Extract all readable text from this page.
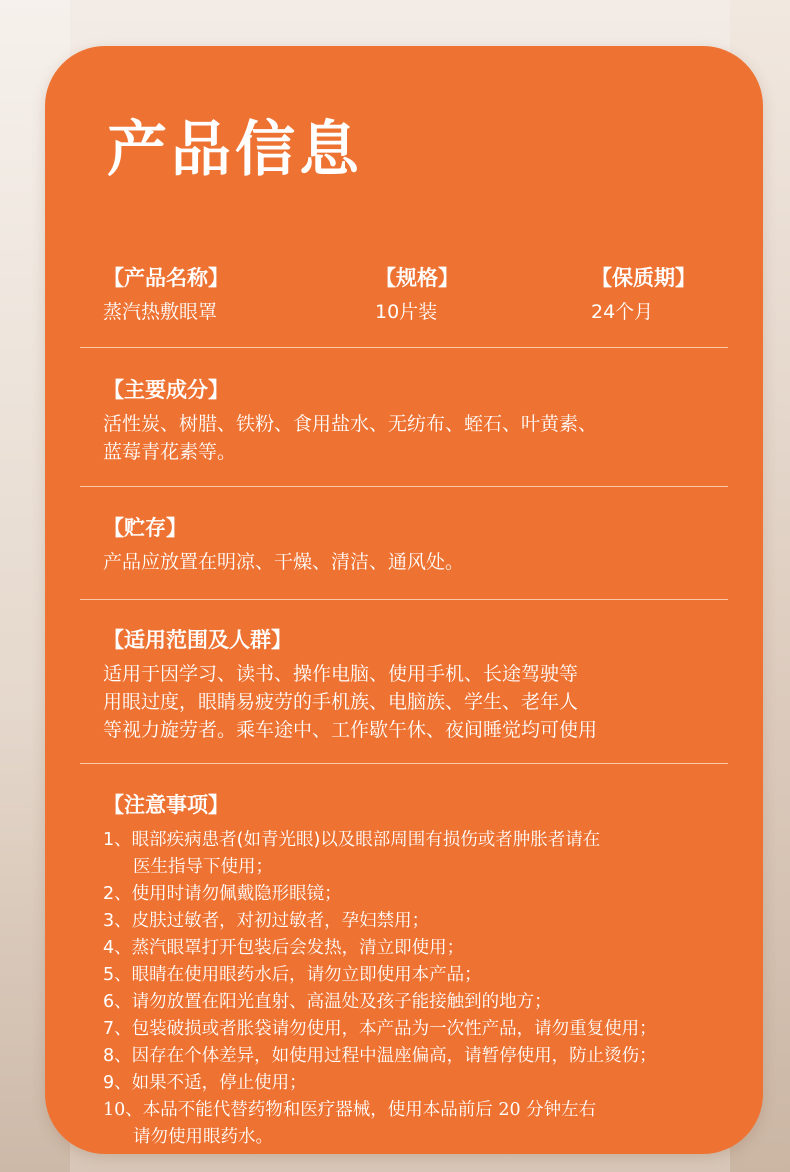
产品信息
【产品名称】
蒸汽热敷眼罩
【规格】
10片装
【保质期】
24个月
【主要成分】
活性炭、树腊、铁粉、食用盐水、无纺布、蛭石、叶黄素、
蓝莓青花素等。
【贮存】
产品应放置在明凉、干燥、清洁、通风处。
【适用范围及人群】
适用于因学习、读书、操作电脑、使用手机、长途驾驶等
用眼过度，眼睛易疲劳的手机族、电脑族、学生、老年人
等视力旋劳者。乘车途中、工作歇午休、夜间睡觉均可使用
【注意事项】
1、眼部疾病患者(如青光眼)以及眼部周围有损伤或者肿胀者请在
医生指导下使用；
2、使用时请勿佩戴隐形眼镜；
3、皮肤过敏者，对初过敏者，孕妇禁用；
4、蒸汽眼罩打开包装后会发热，清立即使用；
5、眼睛在使用眼药水后，请勿立即使用本产品；
6、请勿放置在阳光直射、高温处及孩子能接触到的地方；
7、包装破损或者胀袋请勿使用，本产品为一次性产品，请勿重复使用；
8、因存在个体差异，如使用过程中温座偏高，请暂停使用，防止烫伤；
9、如果不适，停止使用；
10、本品不能代替药物和医疗器械，使用本品前后 20 分钟左右
请勿使用眼药水。
